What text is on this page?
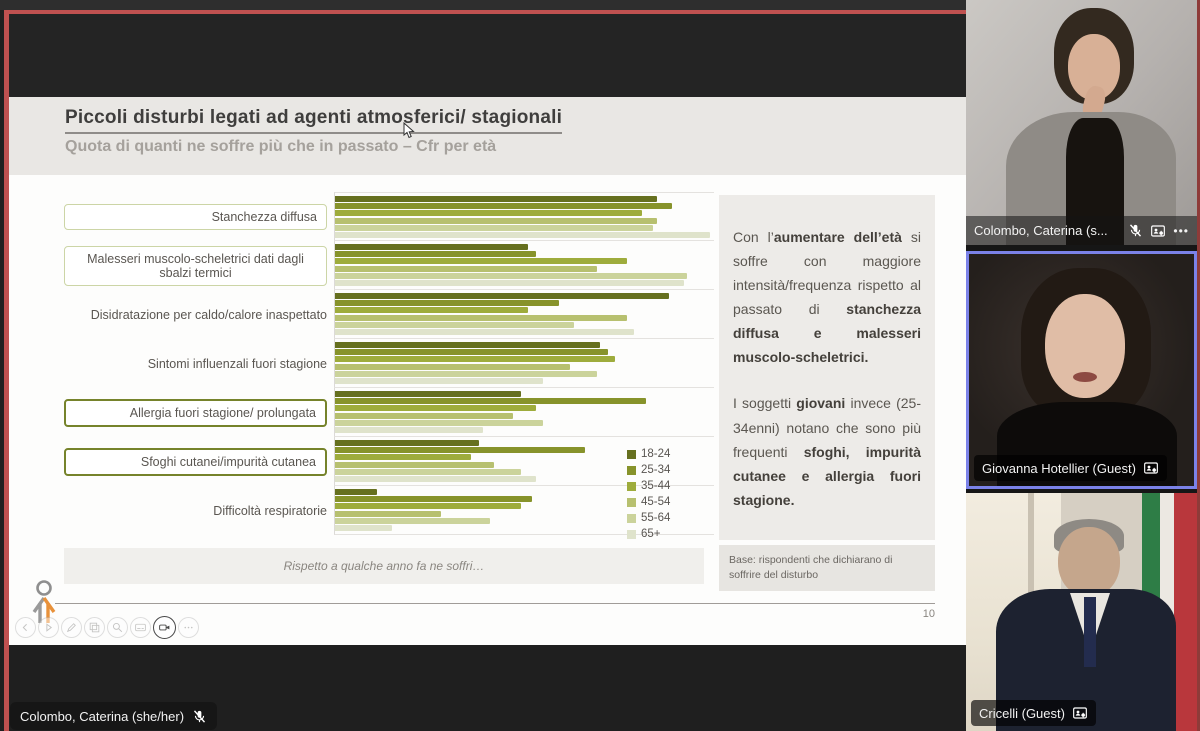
Piccoli disturbi legati ad agenti atmosferici/ stagionali
Quota di quanti ne soffre più che in passato – Cfr per età
Stanchezza diffusa
Malesseri muscolo-scheletrici dati dagli sbalzi termici
Disidratazione per caldo/calore inaspettato
Sintomi influenzali fuori stagione
Allergia fuori stagione/ prolungata
Sfoghi cutanei/impurità cutanea
Difficoltà respiratorie
18-24
25-34
35-44
45-54
55-64
65+

Con l’aumentare dell’età si soffre con maggiore intensità/frequenza rispetto al passato di stanchezza diffusa e malesseri muscolo-scheletrici.

I soggetti giovani invece (25-34enni) notano che sono più frequenti sfoghi, impurità cutanee e allergia fuori stagione.

Rispetto a qualche anno fa ne soffri…	Base: rispondenti che dichiarano di soffrire del disturbo
10
Colombo, Caterina (she/her)
Colombo, Caterina (s...	•••
Giovanna Hotellier (Guest)
Cricelli (Guest)
